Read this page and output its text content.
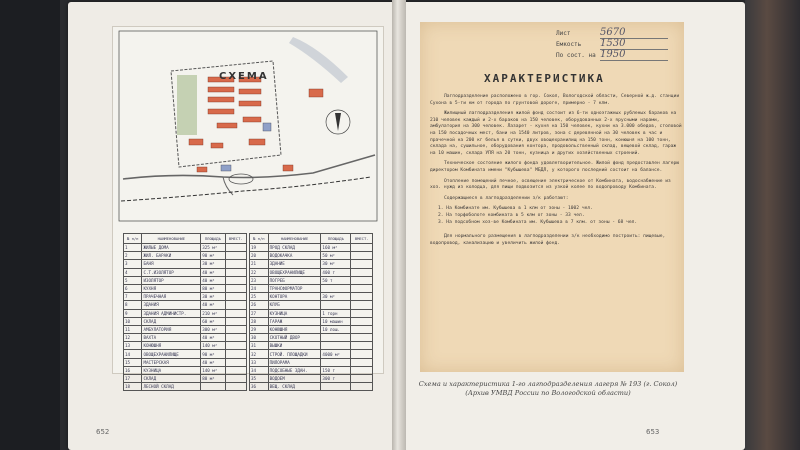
СХЕМА
№ п/п	НАИМЕНОВАНИЕ	ПЛОЩАДЬ	ВМЕСТ.
1	ЖИЛЫЕ ДОМА	325 м²	
2	ЖИЛ. БАРАКИ	90 м²	
3	БАНЯ	30 м²	
4	С.Т.ИЗОЛЯТОР	40 м²	
5	ИЗОЛЯТОР	40 м²	
6	КУХНЯ	80 м²	
7	ПРАЧЕЧНАЯ	30 м²	
8	ЗДАНИЯ	40 м²	
9	ЗДАНИЯ АДМИНИСТР.	210 м²	
10	СКЛАД	60 м²	
11	АМБУЛАТОРИЯ	300 м²	
12	ВАХТА	40 м²	
13	КОНЮШНЯ	140 м²	
14	ОВОЩЕХРАНИЛИЩЕ	90 м²	
15	МАСТЕРСКАЯ	40 м²	
16	КУЗНИЦА	140 м²	
17	СКЛАД	80 м²	
18	ЛЕСНОЙ СКЛАД		
№ п/п	НАИМЕНОВАНИЕ	ПЛОЩАДЬ	ВМЕСТ.
19	ПРОД СКЛАД	160 м²	
20	ВОДОКАЧКА	50 м²	
21	ЗДАНИЕ	30 м²	
22	ОВОЩЕХРАНИЛИЩЕ	400 т	
23	ПОГРЕБ	50 т	
24	ТРАНСФОРМАТОР		
25	КОНТОРА	30 м²	
26	КЛУБ		
27	КУЗНИЦА	1 горн	
28	ГАРАЖ	10 машин	
29	КОНЮШНЯ	10 лош.	
30	СКОТНЫЙ ДВОР		
31	ВЫШКИ		
32	СТРОЙ. ПЛОЩАДКИ	4000 м²	
33	ПИЛОРАМА		
34	ПОДСОБНЫЕ ЗДАН.	150 т	
35	ВОДОЕМ	300 т	
36	ВЕЩ. СКЛАД		
652
Лист	5670
Емкость 1530
По сост. на 1950
ХАРАКТЕРИСТИКА

Лагподразделение расположено в гор. Сокол, Вологодской области, Северной ж.д. станции Сухона в 5-ти км от города по грунтовой дороге, примерно - 7 клм.

Жилищный лагподразделения жилой фонд состоит из 6-ти одноэтажных рубленых бараков на 210 человек каждый и 2-х бараков на 150 человек, оборудованных 2-х ярусными нарами, амбулатория на 300 человек. Лазарет - кухня на 150 человек, кухни на 3.000 обедов, столовой на 150 посадочных мест, бани на 1540 литров, зона с деревянной на 30 человек в час и прачечной на 200 кг белья в сутки, двух овощехранилищ на 150 тонн, конюшня на 100 тонн, склада на, сушильное, оборудования контора, продовольственный склад, вещевой склад, гараж на 10 машин, склада УПЯ на 20 тонн, кузница и других хозяйственных строений.

Техническое состояние жилого фонда удовлетворительное. Жилой фонд предоставлен лагерю директором Комбината имени "Кубышева" МБДЛ, у которого последний состоит на балансе.

Отопление помещений печное, освещение электрическое от Комбината, водоснабжение из хоз. нужд из колодца, для пищи подвозится из узкой колее по водопроводу Комбината.

Содержащиеся в лагподразделении з/к работают:

1. На Комбинате им. Кубышева в 1 клм от зоны - 1002 чел.

2. На торфоболоте комбината в 5 клм от зоны - 33 чел.

3. На подсобном хоз-ве Комбината им. Кубышева в 7 клм. от зоны - 68 чел.

Для нормального размещения в лагподразделении з/к необходимо построить: пищевые, водопровод, канализацию и увеличить жилой фонд.

Схема и характеристика 1-го лагподразделения лагеря № 193 (г. Сокол)
(Архив УМВД России по Вологодской области)
653
